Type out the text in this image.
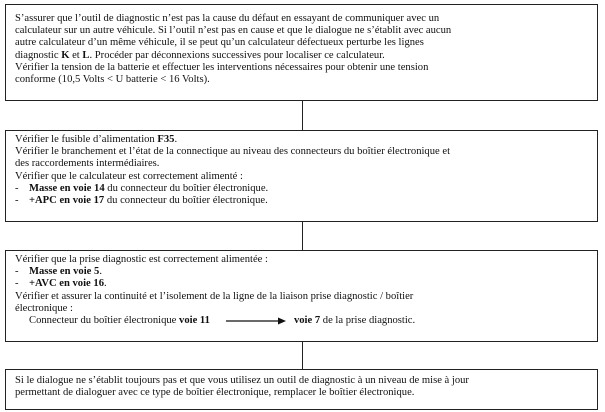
S’assurer que l’outil de diagnostic n’est pas la cause du défaut en essayant de communiquer avec un
calculateur sur un autre véhicule. Si l’outil n’est pas en cause et que le dialogue ne s’établit avec aucun
autre calculateur d’un même véhicule, il se peut qu’un calculateur défectueux perturbe les lignes
diagnostic K et L. Procéder par déconnexions successives pour localiser ce calculateur.
Vérifier la tension de la batterie et effectuer les interventions nécessaires pour obtenir une tension
conforme (10,5 Volts < U batterie < 16 Volts).
Vérifier le fusible d’alimentation F35.
Vérifier le branchement et l’état de la connectique au niveau des connecteurs du boîtier électronique et
des raccordements intermédiaires.
Vérifier que le calculateur est correctement alimenté :
- Masse en voie 14 du connecteur du boîtier électronique.
- +APC en voie 17 du connecteur du boîtier électronique.
Vérifier que la prise diagnostic est correctement alimentée :
- Masse en voie 5.
- +AVC en voie 16.
Vérifier et assurer la continuité et l’isolement de la ligne de la liaison prise diagnostic / boîtier
électronique :
Connecteur du boîtier électronique voie 11	voie 7 de la prise diagnostic.
Si le dialogue ne s’établit toujours pas et que vous utilisez un outil de diagnostic à un niveau de mise à jour
permettant de dialoguer avec ce type de boîtier électronique, remplacer le boîtier électronique.
